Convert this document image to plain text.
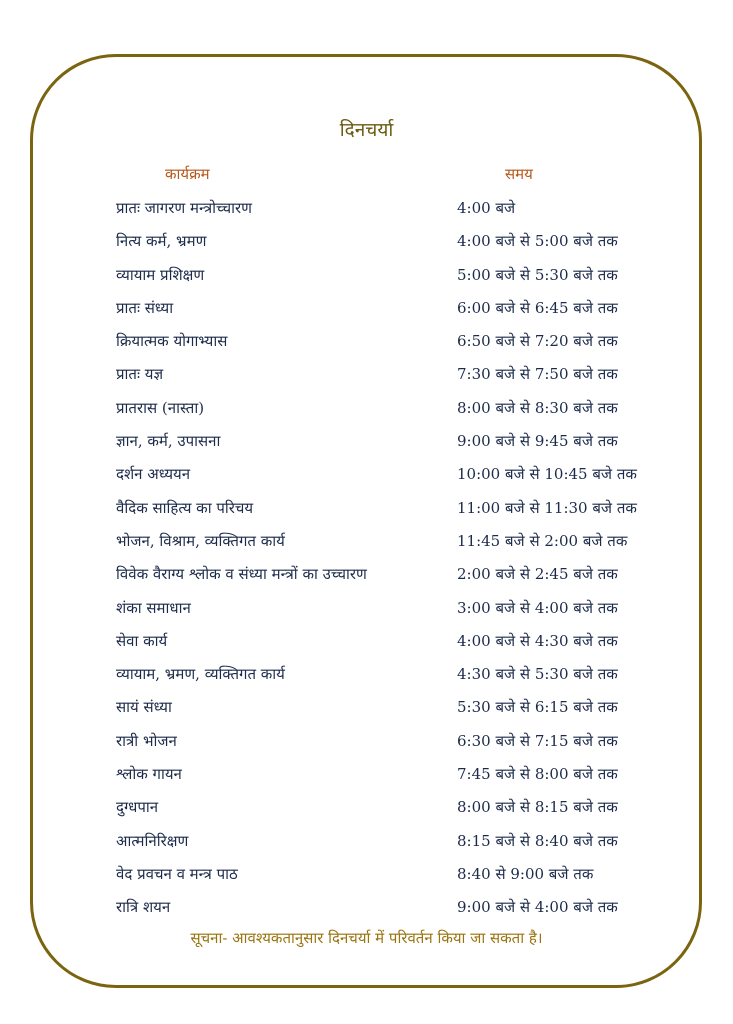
दिनचर्या
कार्यक्रम	समय
प्रातः जागरण मन्त्रोच्चारण	4:00 बजे
नित्य कर्म, भ्रमण	4:00 बजे से 5:00 बजे तक
व्यायाम प्रशिक्षण	5:00 बजे से 5:30 बजे तक
प्रातः संध्या	6:00 बजे से 6:45 बजे तक
क्रियात्मक योगाभ्यास	6:50 बजे से 7:20 बजे तक
प्रातः यज्ञ	7:30 बजे से 7:50 बजे तक
प्रातरास (नास्ता)	8:00 बजे से 8:30 बजे तक
ज्ञान, कर्म, उपासना	9:00 बजे से 9:45 बजे तक
दर्शन अध्ययन	10:00 बजे से 10:45 बजे तक
वैदिक साहित्य का परिचय	11:00 बजे से 11:30 बजे तक
भोजन, विश्राम, व्यक्तिगत कार्य	11:45 बजे से 2:00 बजे तक
विवेक वैराग्य श्लोक व संध्या मन्त्रों का उच्चारण	2:00 बजे से 2:45 बजे तक
शंका समाधान	3:00 बजे से 4:00 बजे तक
सेवा कार्य	4:00 बजे से 4:30 बजे तक
व्यायाम, भ्रमण, व्यक्तिगत कार्य	4:30 बजे से 5:30 बजे तक
सायं संध्या	5:30 बजे से 6:15 बजे तक
रात्री भोजन	6:30 बजे से 7:15 बजे तक
श्लोक गायन	7:45 बजे से 8:00 बजे तक
दुग्धपान	8:00 बजे से 8:15 बजे तक
आत्मनिरिक्षण	8:15 बजे से 8:40 बजे तक
वेद प्रवचन व मन्त्र पाठ	8:40 से 9:00 बजे तक
रात्रि शयन	9:00 बजे से 4:00 बजे तक
सूचना- आवश्यकतानुसार दिनचर्या में परिवर्तन किया जा सकता है।
